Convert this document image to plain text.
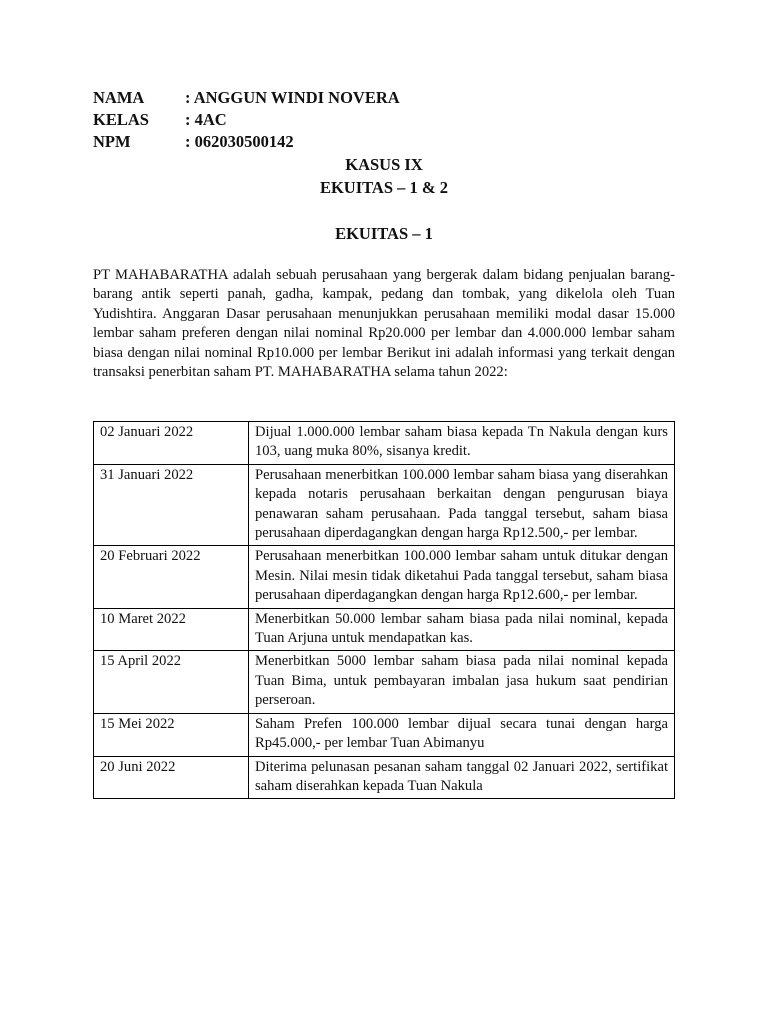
NAMA	: ANGGUN WINDI NOVERA
KELAS	: 4AC
NPM	: 062030500142
KASUS IX
EKUITAS – 1 & 2
EKUITAS – 1

PT MAHABARATHA adalah sebuah perusahaan yang bergerak dalam bidang penjualan barang-barang antik seperti panah, gadha, kampak, pedang dan tombak, yang dikelola oleh Tuan Yudishtira. Anggaran Dasar perusahaan menunjukkan perusahaan memiliki modal dasar 15.000 lembar saham preferen dengan nilai nominal Rp20.000 per lembar dan 4.000.000 lembar saham biasa dengan nilai nominal Rp10.000 per lembar Berikut ini adalah informasi yang terkait dengan transaksi penerbitan saham PT. MAHABARATHA selama tahun 2022:

02 Januari 2022	Dijual 1.000.000 lembar saham biasa kepada Tn Nakula dengan kurs 103, uang muka 80%, sisanya kredit.
31 Januari 2022	Perusahaan menerbitkan 100.000 lembar saham biasa yang diserahkan kepada notaris perusahaan berkaitan dengan pengurusan biaya penawaran saham perusahaan. Pada tanggal tersebut, saham biasa perusahaan diperdagangkan dengan harga Rp12.500,- per lembar.
20 Februari 2022	Perusahaan menerbitkan 100.000 lembar saham untuk ditukar dengan Mesin. Nilai mesin tidak diketahui Pada tanggal tersebut, saham biasa perusahaan diperdagangkan dengan harga Rp12.600,- per lembar.
10 Maret 2022	Menerbitkan 50.000 lembar saham biasa pada nilai nominal, kepada Tuan Arjuna untuk mendapatkan kas.
15 April 2022	Menerbitkan 5000 lembar saham biasa pada nilai nominal kepada Tuan Bima, untuk pembayaran imbalan jasa hukum saat pendirian perseroan.
15 Mei 2022	Saham Prefen 100.000 lembar dijual secara tunai dengan harga Rp45.000,- per lembar Tuan Abimanyu
20 Juni 2022	Diterima pelunasan pesanan saham tanggal 02 Januari 2022, sertifikat saham diserahkan kepada Tuan Nakula
